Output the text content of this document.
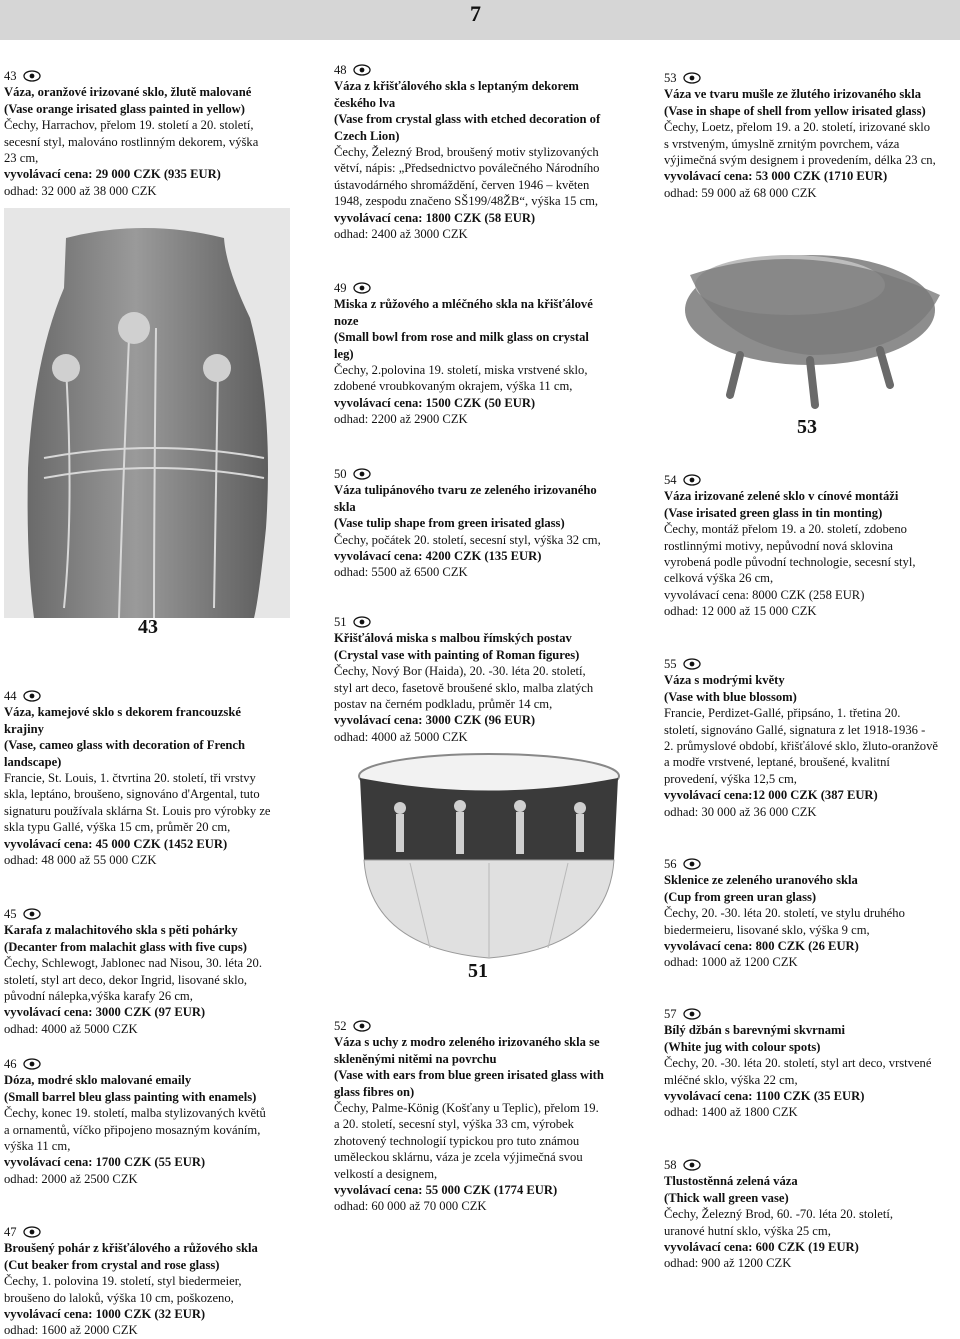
7
43
53
51
43
Váza, oranžové irizované sklo, žlutě malované
(Vase orange irisated glass painted in yellow)
Čechy, Harrachov, přelom 19. století a 20. století,
secesní styl, malováno rostlinným dekorem, výška
23 cm,
vyvolávací cena: 29 000 CZK (935 EUR)
odhad: 32 000 až 38 000 CZK
48
Váza z křišťálového skla s leptaným dekorem
českého lva
(Vase from crystal glass with etched decoration of
Czech Lion)
Čechy, Železný Brod, broušený motiv stylizovaných
větví, nápis: „Předsednictvo poválečného Národního
ústavodárného shromáždění, červen 1946 – květen
1948, zespodu značeno SŠ199/48ŽB“, výška 15 cm,
vyvolávací cena: 1800 CZK (58 EUR)
odhad: 2400 až 3000 CZK
53
Váza ve tvaru mušle ze žlutého irizovaného skla
(Vase in shape of shell from yellow irisated glass)
Čechy, Loetz, přelom 19. a 20. století, irizované sklo
s vrstveným, úmyslně zrnitým povrchem, váza
výjimečná svým designem i provedením, délka 23 cn,
vyvolávací cena: 53 000 CZK (1710 EUR)
odhad: 59 000 až 68 000 CZK
49
Miska z růžového a mléčného skla na křišťálové
noze
(Small bowl from rose and milk glass on crystal
leg)
Čechy, 2.polovina 19. století, miska vrstvené sklo,
zdobené vroubkovaným okrajem, výška 11 cm,
vyvolávací cena: 1500 CZK (50 EUR)
odhad: 2200 až 2900 CZK
50
Váza tulipánového tvaru ze zeleného irizovaného
skla
(Vase tulip shape from green irisated glass)
Čechy, počátek 20. století, secesní styl, výška 32 cm,
vyvolávací cena: 4200 CZK (135 EUR)
odhad: 5500 až 6500 CZK
54
Váza irizované zelené sklo v cínové montáži
(Vase irisated green glass in tin monting)
Čechy, montáž přelom 19. a 20. století, zdobeno
rostlinnými motivy, nepůvodní nová sklovina
vyrobená podle původní technologie, secesní styl,
celková výška 26 cm,
vyvolávací cena: 8000 CZK (258 EUR)
odhad: 12 000 až 15 000 CZK
51
Křišťálová miska s malbou římských postav
(Crystal vase with painting of Roman figures)
Čechy, Nový Bor (Haida), 20. -30. léta 20. století,
styl art deco, fasetově broušené sklo, malba zlatých
postav na černém podkladu, průměr 14 cm,
vyvolávací cena: 3000 CZK (96 EUR)
odhad: 4000 až 5000 CZK
55
Váza s modrými květy
(Vase with blue blossom)
Francie, Perdizet-Gallé, připsáno, 1. třetina 20.
století, signováno Gallé, signatura z let 1918-1936 -
2. průmyslové období, křišťálové sklo, žluto-oranžově
a modře vrstvené, leptané, broušené, kvalitní
provedení, výška 12,5 cm,
vyvolávací cena:12 000 CZK (387 EUR)
odhad: 30 000 až 36 000 CZK
44
Váza, kamejové sklo s dekorem francouzské
krajiny
(Vase, cameo glass with decoration of French
landscape)
Francie, St. Louis, 1. čtvrtina 20. století, tři vrstvy
skla, leptáno, broušeno, signováno d'Argental, tuto
signaturu používala sklárna St. Louis pro výrobky ze
skla typu Gallé, výška 15 cm, průměr 20 cm,
vyvolávací cena: 45 000 CZK (1452 EUR)
odhad: 48 000 až 55 000 CZK	56
Sklenice ze zeleného uranového skla
(Cup from green uran glass)
Čechy, 20. -30. léta 20. století, ve stylu druhého
biedermeieru, lisované sklo, výška 9 cm,
vyvolávací cena: 800 CZK (26 EUR)
odhad: 1000 až 1200 CZK
45
Karafa z malachitového skla s pěti pohárky
(Decanter from malachit glass with five cups)
Čechy, Schlewogt, Jablonec nad Nisou, 30. léta 20.
století, styl art deco, dekor Ingrid, lisované sklo,
původní nálepka,výška karafy 26 cm,
vyvolávací cena: 3000 CZK (97 EUR)
odhad: 4000 až 5000 CZK	52
Váza s uchy z modro zeleného irizovaného skla se
skleněnými nitěmi na povrchu
(Vase with ears from blue green irisated glass with
glass fibres on)
Čechy, Palme-König (Košťany u Teplic), přelom 19.
a 20. století, secesní styl, výška 33 cm, výrobek
zhotovený technologií typickou pro tuto známou
uměleckou sklárnu, váza je zcela výjimečná svou
velkostí a designem,
vyvolávací cena: 55 000 CZK (1774 EUR)
odhad: 60 000 až 70 000 CZK
57
Bílý džbán s barevnými skvrnami
(White jug with colour spots)
Čechy, 20. -30. léta 20. století, styl art deco, vrstvené
mléčné sklo, výška 22 cm,
vyvolávací cena: 1100 CZK (35 EUR)
odhad: 1400 až 1800 CZK
46
Dóza, modré sklo malované emaily
(Small barrel bleu glass painting with enamels)
Čechy, konec 19. století, malba stylizovaných květů
a ornamentů, víčko připojeno mosazným kováním,
výška 11 cm,
vyvolávací cena: 1700 CZK (55 EUR)
odhad: 2000 až 2500 CZK
58
Tlustostěnná zelená váza
(Thick wall green vase)
Čechy, Železný Brod, 60. -70. léta 20. století,
uranové hutní sklo, výška 25 cm,
vyvolávací cena: 600 CZK (19 EUR)
odhad: 900 až 1200 CZK
47
Broušený pohár z křišťálového a růžového skla
(Cut beaker from crystal and rose glass)
Čechy, 1. polovina 19. století, styl biedermeier,
broušeno do laloků, výška 10 cm, poškozeno,
vyvolávací cena: 1000 CZK (32 EUR)
odhad: 1600 až 2000 CZK
